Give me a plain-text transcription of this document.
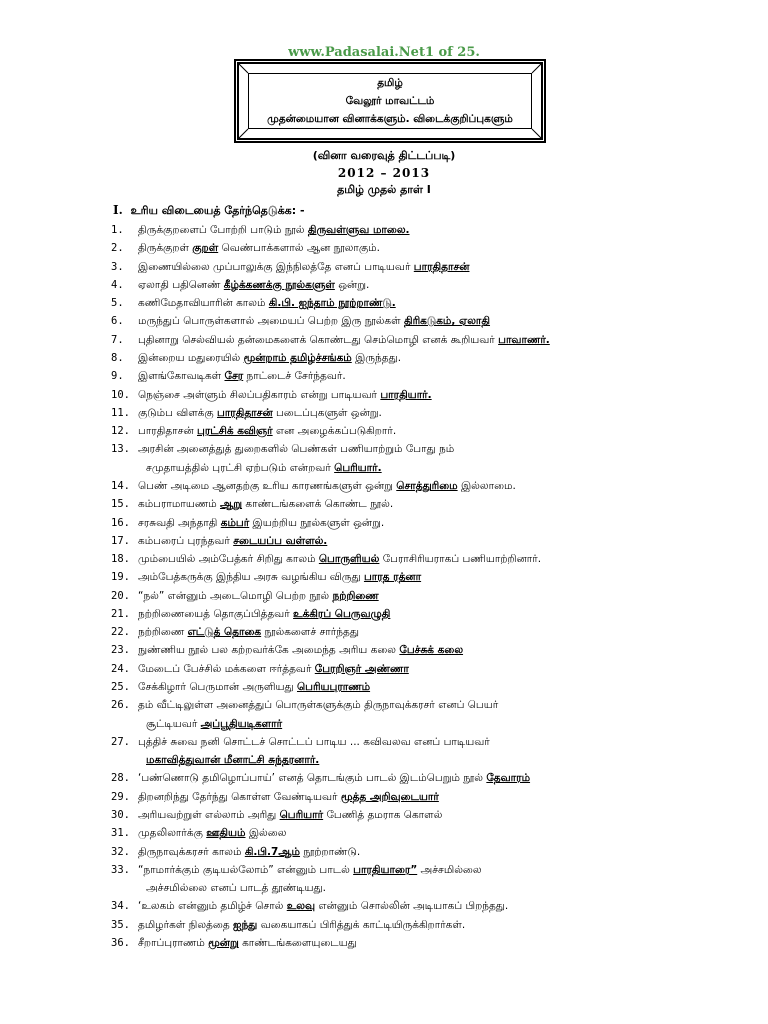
www.Padasalai.Net1 of 25.
தமிழ்
வேலூர் மாவட்டம்
முதன்மையான வினாக்களும். விடைக்குறிப்புகளும்
(வினா வரைவுத் திட்டப்படி)
2012 – 2013
தமிழ் முதல் தாள் I
I. உரிய விடையைத் தேர்ந்தெடுக்க: -
1. திருக்குறளைப் போற்றி பாடும் நூல் திருவள்ளுவ மாலை.
2. திருக்குறள் குறள் வெண்பாக்களால் ஆன நூலாகும்.
3. இணையில்லை முப்பாலுக்கு இந்நிலத்தே எனப் பாடியவர் பாரதிதாசன்
4. ஏலாதி பதினெண் கீழ்க்கணக்கு நூல்களுள் ஒன்று.
5. கணிமேதாவியாரின் காலம் கி.பி. ஐந்தாம் நூற்றாண்டு.
6. மருந்துப் பொருள்களால் அமையப் பெற்ற இரு நூல்கள் திரிகடுகம், ஏலாதி
7. புதினாறு செல்வியல் தன்மைகளைக் கொண்டது செம்மொழி எனக் கூறியவர் பாவாணர்.
8. இன்றைய மதுரையில் மூன்றாம் தமிழ்ச்சங்கம் இருந்தது.
9. இளங்கோவடிகள் சேர நாட்டைச் சேர்ந்தவர்.
10. நெஞ்சை அள்ளும் சிலப்பதிகாரம் என்று பாடியவர் பாரதியார்.
11. குடும்ப விளக்கு பாரதிதாசன் படைப்புகளுள் ஒன்று.
12. பாரதிதாசன் புரட்சிக் கவிஞர் என அழைக்கப்படுகிறார்.
13. அரசின் அனைத்துத் துறைகளில் பெண்கள் பணியாற்றும் போது நம்
சமுதாயத்தில் புரட்சி ஏற்படும் என்றவர் பெரியார்.
14. பெண் அடிமை ஆனதற்கு உரிய காரணங்களுள் ஒன்று சொத்துரிமை இல்லாமை.
15. கம்பராமாயணம் ஆறு காண்டங்களைக் கொண்ட நூல்.
16. சரசுவதி அந்தாதி கம்பர் இயற்றிய நூல்களுள் ஒன்று.
17. கம்பரைப் புரந்தவர் சடையப்ப வள்ளல்.
18. மும்பையில் அம்பேத்கர் சிறிது காலம் பொருளியல் பேராசிரியராகப் பணியாற்றினார்.
19. அம்பேத்கருக்கு இந்திய அரசு வழங்கிய விருது பாரத ரத்னா
20. “நல்” என்னும் அடைமொழி பெற்ற நூல் நற்றிணை
21. நற்றிணையைத் தொகுப்பித்தவர் உக்கிரப் பெருவழுதி
22. நற்றிணை எட்டுத் தொகை நூல்களைச் சார்ந்தது
23. நுண்ணிய நூல் பல கற்றவர்க்கே அமைந்த அரிய கலை பேச்சுக் கலை
24. மேடைப் பேச்சில் மக்களை ஈர்த்தவர் பேரறிஞர் அண்ணா
25. சேக்கிழார் பெருமான் அருளியது பெரியபுராணம்
26. தம் வீட்டிலுள்ள அனைத்துப் பொருள்களுக்கும் திருநாவுக்கரசர் எனப் பெயர்
சூட்டியவர் அப்பூதியடிகளார்
27. புத்திச் சுவை நனி சொட்டச் சொட்டப் பாடிய ... கவிவலவ எனப் பாடியவர்
மகாவித்துவான் மீனாட்சி சுந்தரனார்.
28. ‘பண்ணொடு தமிழொப்பாய்’ எனத் தொடங்கும் பாடல் இடம்பெறும் நூல் தேவாரம்
29. திறனறிந்து தேர்ந்து கொள்ள வேண்டியவர் மூத்த அறிவுடையார்
30. அரியவற்றுள் எல்லாம் அரிது பெரியார் பேணித் தமராக கொளல்
31. முதலிலார்க்கு ஊதியம் இல்லை
32. திருநாவுக்கரசர் காலம் கி.பி.7ஆம் நூற்றாண்டு.
33. “நாமார்க்கும் குடியல்லோம்” என்னும் பாடல் பாரதியாரை” அச்சமில்லை
அச்சமில்லை எனப் பாடத் தூண்டியது.
34. ‘உலகம் என்னும் தமிழ்ச் சொல் உலவு என்னும் சொல்லின் அடியாகப் பிறந்தது.
35. தமிழர்கள் நிலத்தை ஐந்து வகையாகப் பிரித்துக் காட்டியிருக்கிறார்கள்.
36. சீறாப்புராணம் மூன்று காண்டங்களையுடையது
